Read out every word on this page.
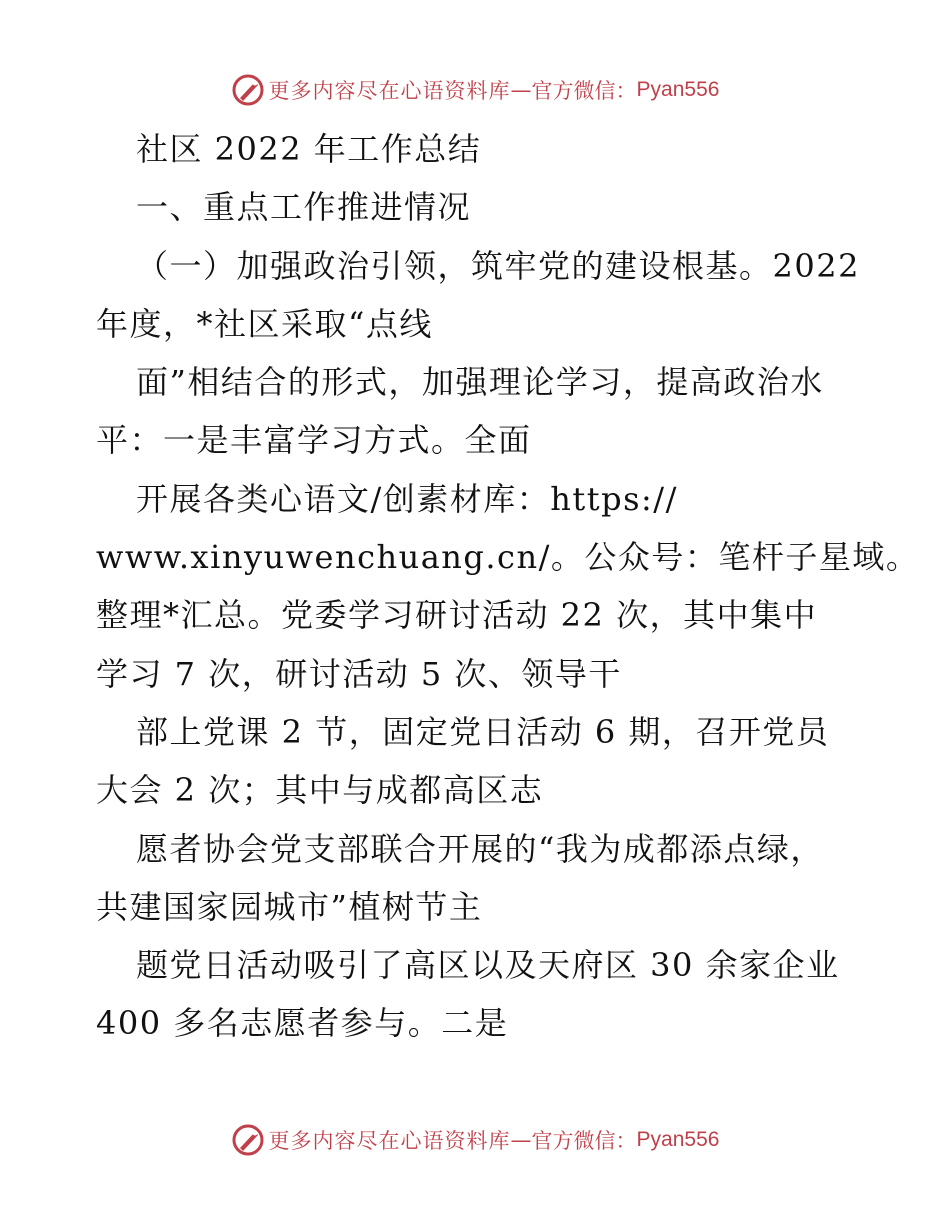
更多内容尽在心语资料库 — 官方微信： Pyan556
社区 2022 年工作总结
一、重点工作推进情况
（一）加强政治引领，筑牢党的建设根基。2022
年度，*社区采取“点线
面”相结合的形式，加强理论学习，提高政治水
平：一是丰富学习方式。全面
开展各类心语文/创素材库：https://
www.xinyuwenchuang.cn/。公众号：笔杆子星域。
整理*汇总。党委学习研讨活动 22 次，其中集中
学习 7 次，研讨活动 5 次、领导干
部上党课 2 节，固定党日活动 6 期，召开党员
大会 2 次；其中与成都高区志
愿者协会党支部联合开展的“我为成都添点绿，
共建国家园城市”植树节主
题党日活动吸引了高区以及天府区 30 余家企业
400 多名志愿者参与。二是
更多内容尽在心语资料库 — 官方微信： Pyan556
